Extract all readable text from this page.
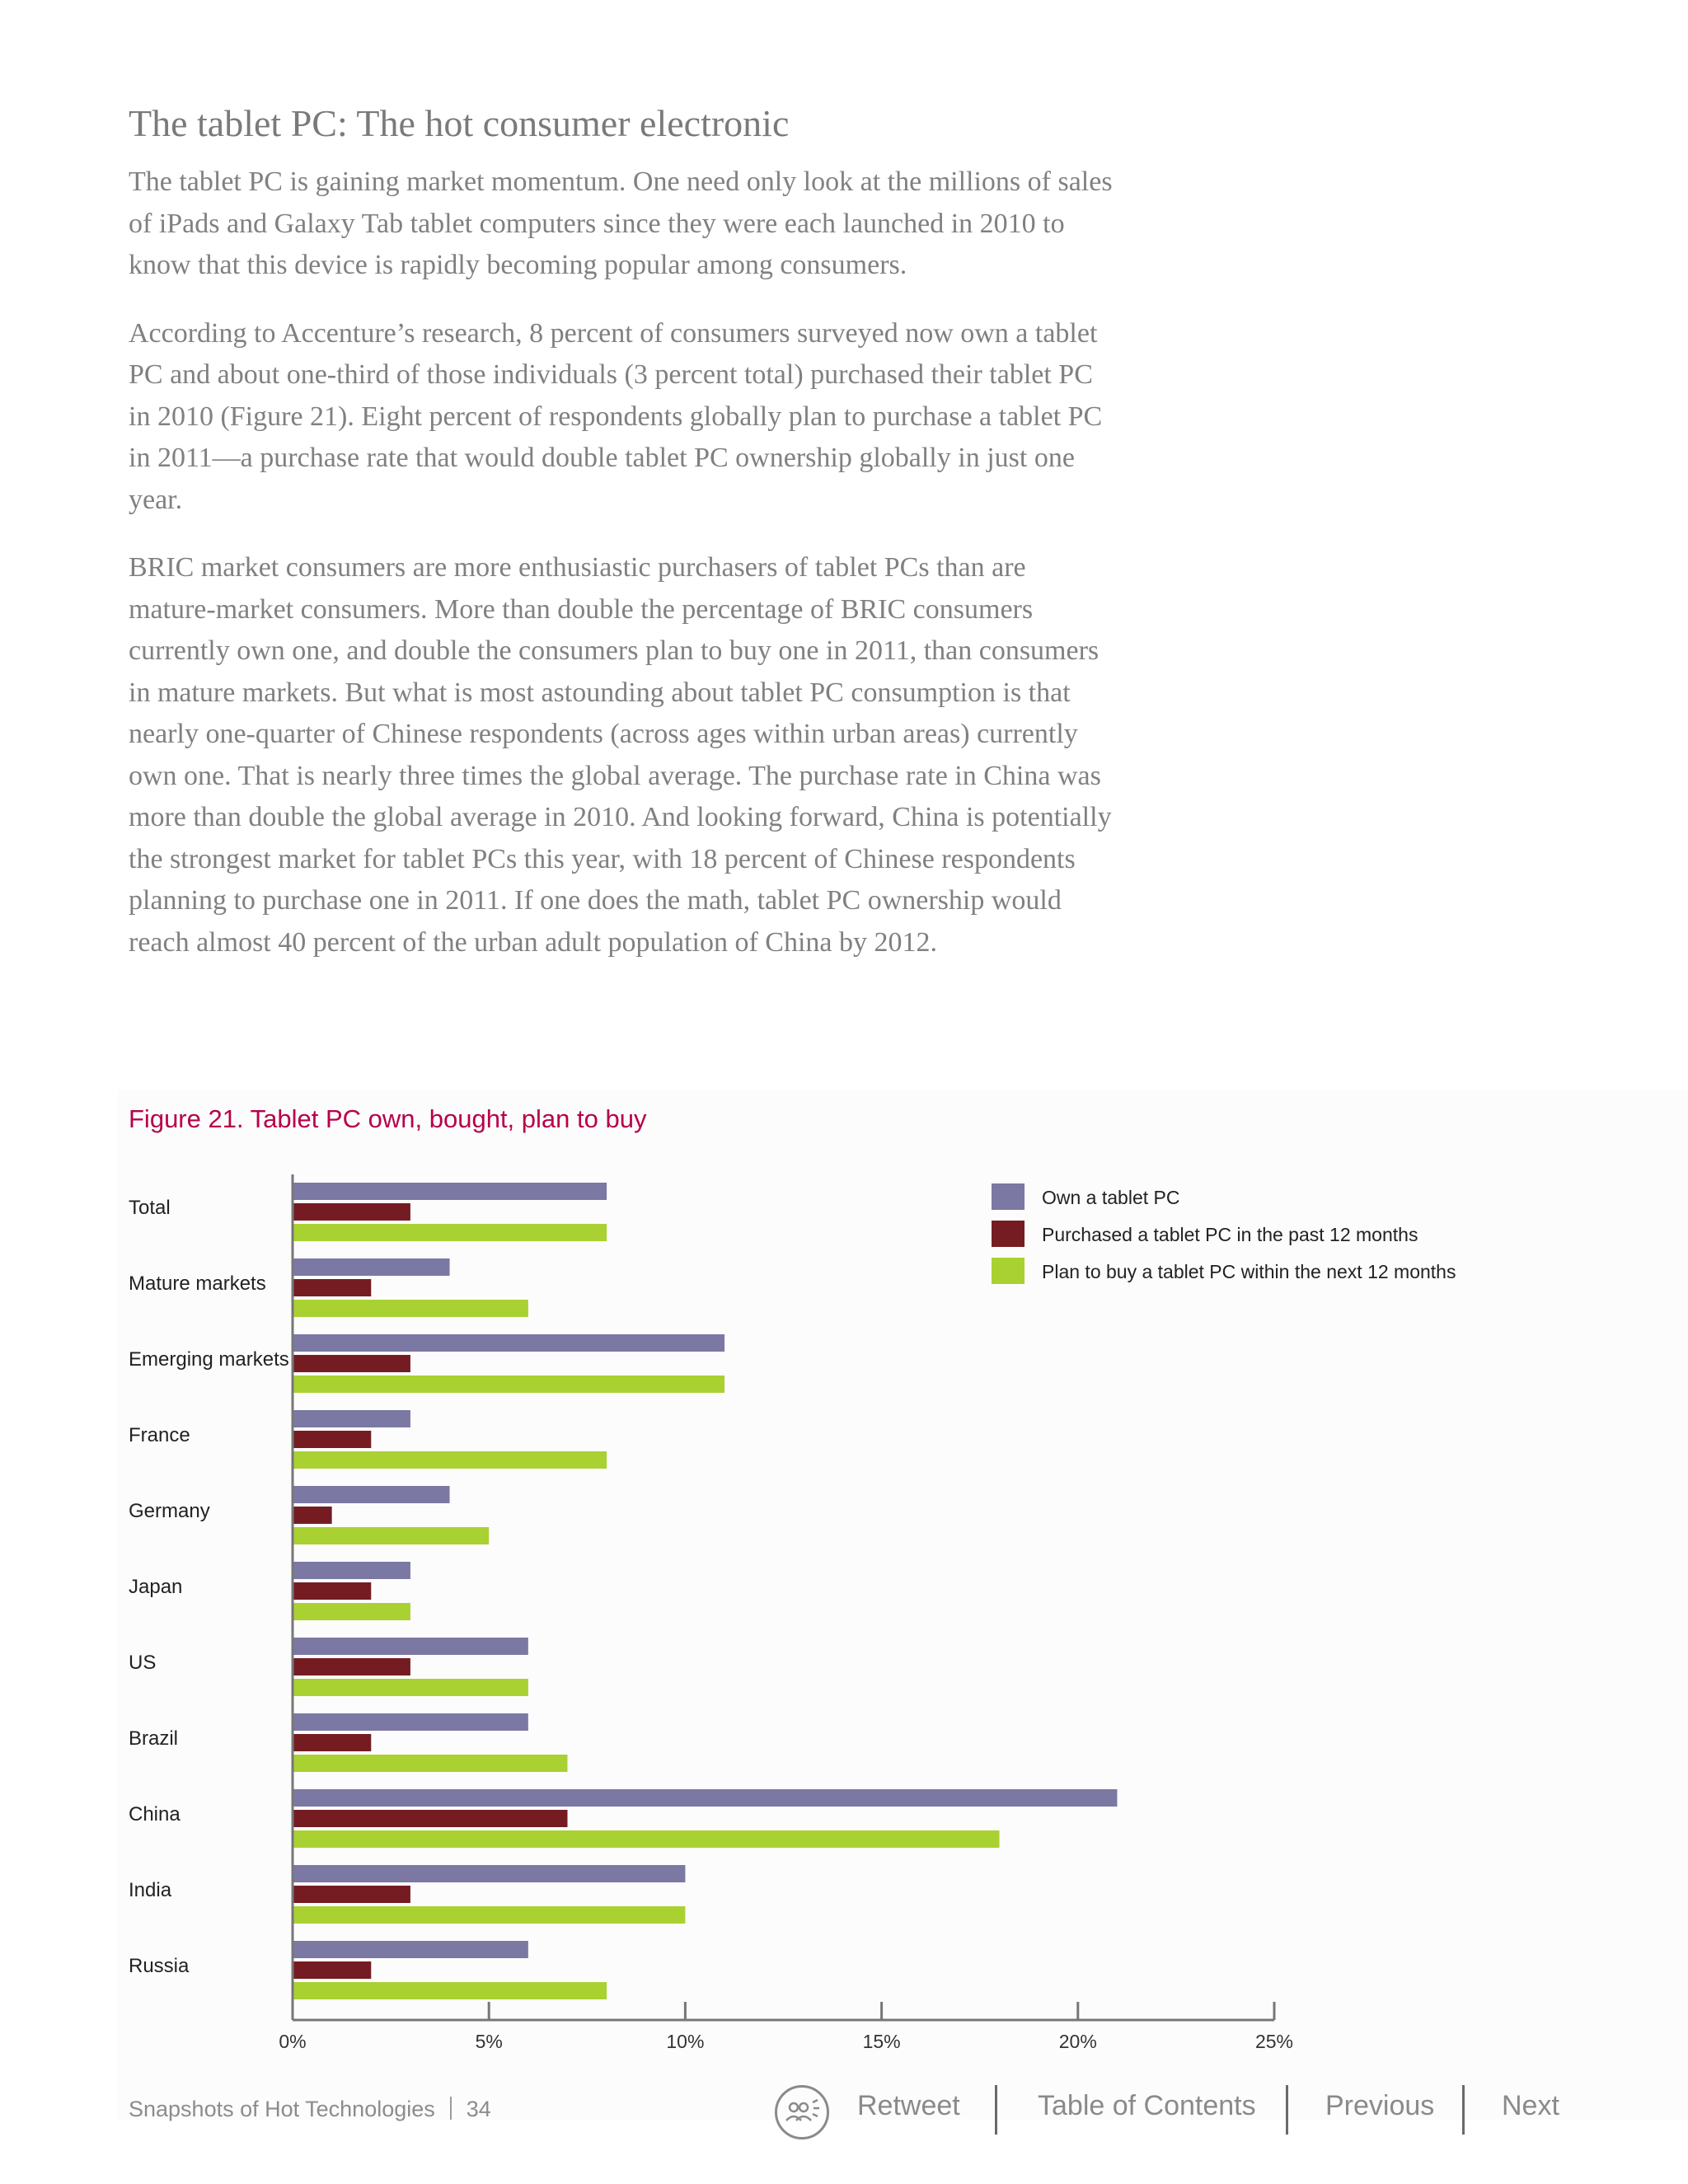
The tablet PC: The hot consumer electronic

The tablet PC is gaining market momentum. One need only look at the millions of sales of iPads and Galaxy Tab tablet computers since they were each launched in 2010 to know that this device is rapidly becoming popular among consumers.

According to Accenture’s research, 8 percent of consumers surveyed now own a tablet PC and about one-third of those individuals (3 percent total) purchased their tablet PC in 2010 (Figure 21). Eight percent of respondents globally plan to purchase a tablet PC in 2011—a purchase rate that would double tablet PC ownership globally in just one year.

BRIC market consumers are more enthusiastic purchasers of tablet PCs than are mature-market consumers. More than double the percentage of BRIC consumers currently own one, and double the consumers plan to buy one in 2011, than consumers in mature markets. But what is most astounding about tablet PC consumption is that nearly one-quarter of Chinese respondents (across ages within urban areas) currently own one. That is nearly three times the global average. The purchase rate in China was more than double the global average in 2010. And looking forward, China is potentially the strongest market for tablet PCs this year, with 18 percent of Chinese respondents planning to purchase one in 2011. If one does the math, tablet PC ownership would reach almost 40 percent of the urban adult population of China by 2012.

Figure 21. Tablet PC own, bought, plan to buy
Total
Mature markets
Emerging markets
France
Germany
Japan
US
Brazil
China
India
Russia
0%	5%	10%	15%	20%	25%
Own a tablet PC
Purchased a tablet PC in the past 12 months
Plan to buy a tablet PC within the next 12 months
Snapshots of Hot Technologies 34	Retweet	Table of Contents Previous Next
